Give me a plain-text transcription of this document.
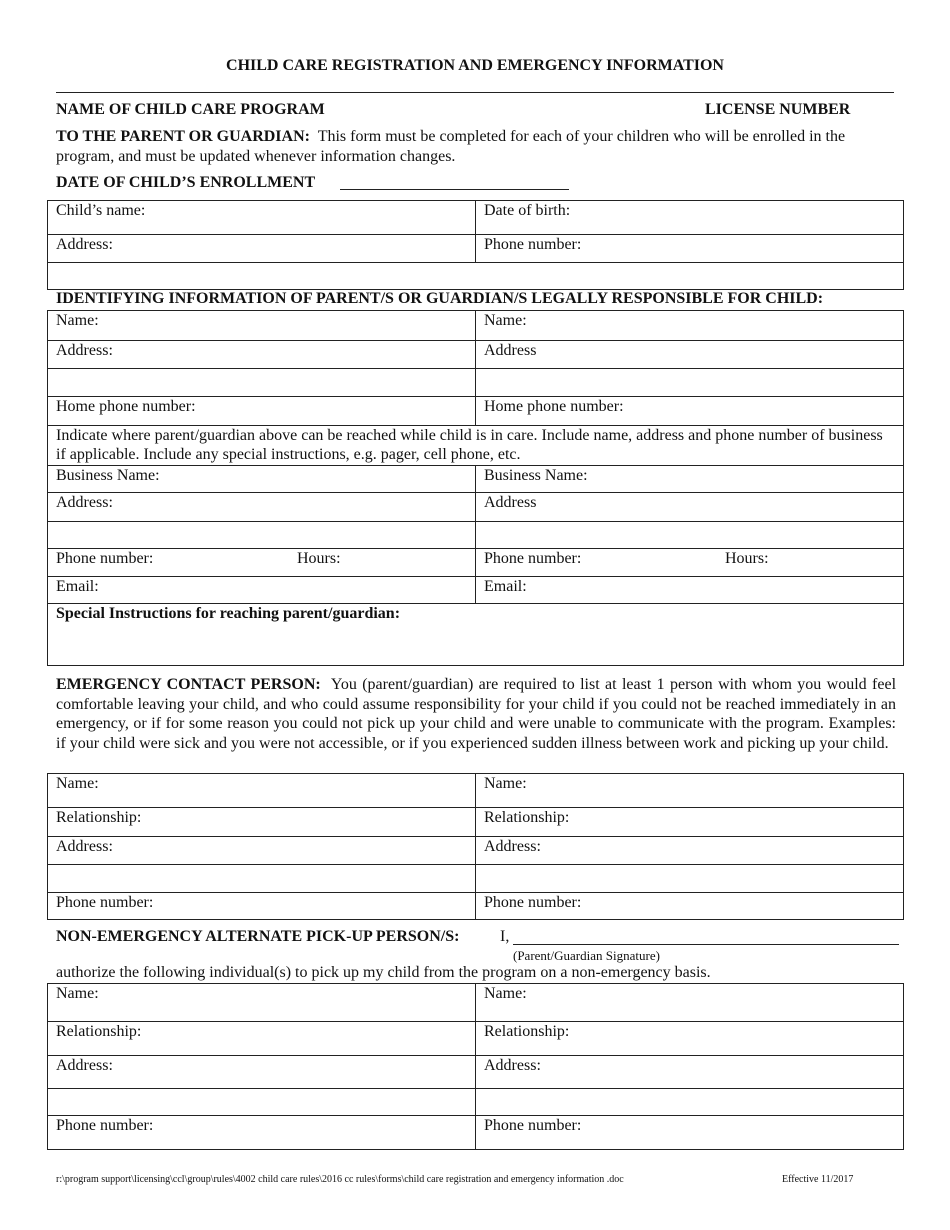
CHILD CARE REGISTRATION AND EMERGENCY INFORMATION
NAME OF CHILD CARE PROGRAM	LICENSE NUMBER
TO THE PARENT OR GUARDIAN: This form must be completed for each of your children who will be enrolled in the program, and must be updated whenever information changes.
DATE OF CHILD’S ENROLLMENT
Child’s name:	Date of birth:
Address:	Phone number:

IDENTIFYING INFORMATION OF PARENT/S OR GUARDIAN/S LEGALLY RESPONSIBLE FOR CHILD:
Name:	Name:
Address:	Address

Home phone number:	Home phone number:
Indicate where parent/guardian above can be reached while child is in care. Include name, address and phone number of business if applicable. Include any special instructions, e.g. pager, cell phone, etc.	
Business Name:	Business Name:
Address:	Address

Phone number: Hours:	Phone number: Hours:

Email:	Email:
Special Instructions for reaching parent/guardian:	
EMERGENCY CONTACT PERSON: You (parent/guardian) are required to list at least 1 person with whom you would feel comfortable leaving your child, and who could assume responsibility for your child if you could not be reached immediately in an emergency, or if for some reason you could not pick up your child and were unable to communicate with the program. Examples: if your child were sick and you were not accessible, or if you experienced sudden illness between work and picking up your child.
Name:	Name:
Relationship:	Relationship:
Address:	Address:

Phone number:	Phone number:
NON-EMERGENCY ALTERNATE PICK-UP PERSON/S:	I,
(Parent/Guardian Signature)
authorize the following individual(s) to pick up my child from the program on a non-emergency basis.
Name:	Name:
Relationship:	Relationship:
Address:	Address:

Phone number:	Phone number:
r:\program support\licensing\ccl\group\rules\4002 child care rules\2016 cc rules\forms\child care registration and emergency information .doc	Effective 11/2017
